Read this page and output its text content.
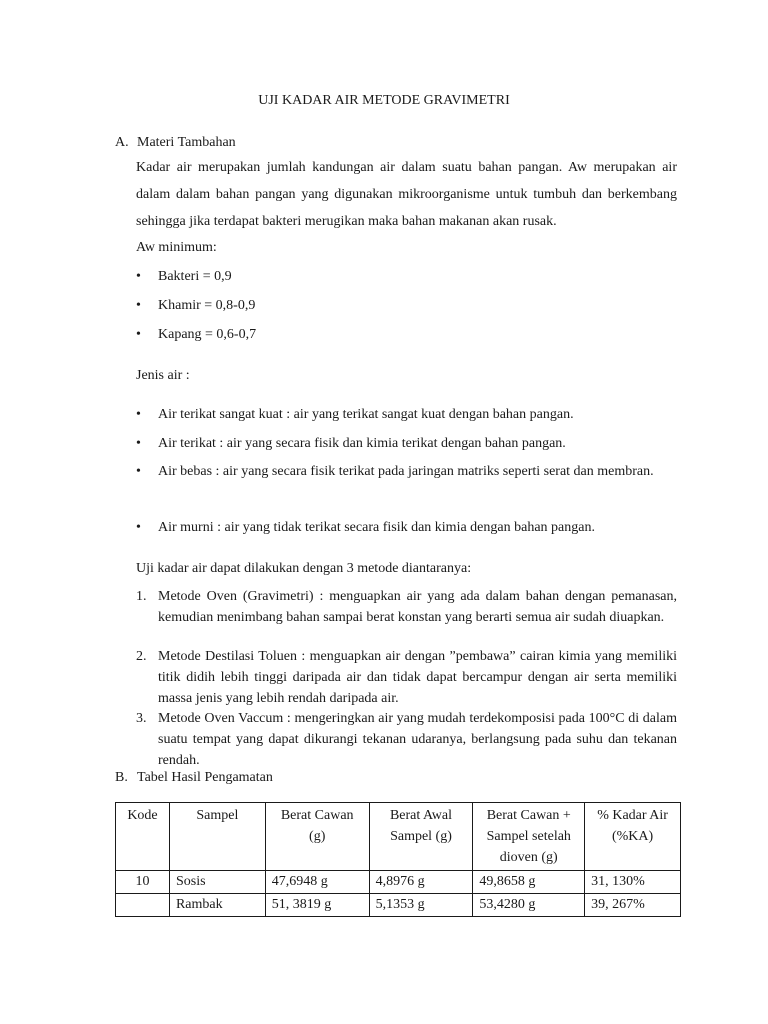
UJI KADAR AIR METODE GRAVIMETRI
A. Materi Tambahan
Kadar air merupakan jumlah kandungan air dalam suatu bahan pangan. Aw merupakan air dalam dalam bahan pangan yang digunakan mikroorganisme untuk tumbuh dan berkembang sehingga jika terdapat bakteri merugikan maka bahan makanan akan rusak.
Aw minimum:
• Bakteri = 0,9
• Khamir = 0,8-0,9
• Kapang = 0,6-0,7
Jenis air :
• Air terikat sangat kuat : air yang terikat sangat kuat dengan bahan pangan.
• Air terikat : air yang secara fisik dan kimia terikat dengan bahan pangan.
• Air bebas : air yang secara fisik terikat pada jaringan matriks seperti serat dan membran.
• Air murni : air yang tidak terikat secara fisik dan kimia dengan bahan pangan.
Uji kadar air dapat dilakukan dengan 3 metode diantaranya:
1. Metode Oven (Gravimetri) : menguapkan air yang ada dalam bahan dengan pemanasan, kemudian menimbang bahan sampai berat konstan yang berarti semua air sudah diuapkan.
2. Metode Destilasi Toluen : menguapkan air dengan ”pembawa” cairan kimia yang memiliki titik didih lebih tinggi daripada air dan tidak dapat bercampur dengan air serta memiliki massa jenis yang lebih rendah daripada air.
3. Metode Oven Vaccum : mengeringkan air yang mudah terdekomposisi pada 100°C di dalam suatu tempat yang dapat dikurangi tekanan udaranya, berlangsung pada suhu dan tekanan rendah.
B. Tabel Hasil Pengamatan
Kode	Sampel	Berat Cawan (g)	Berat Awal Sampel (g)	Berat Cawan + Sampel setelah dioven (g)	% Kadar Air (%KA)
10	Sosis	47,6948 g	4,8976 g	49,8658 g	31, 130%
	Rambak	51, 3819 g	5,1353 g	53,4280 g	39, 267%
